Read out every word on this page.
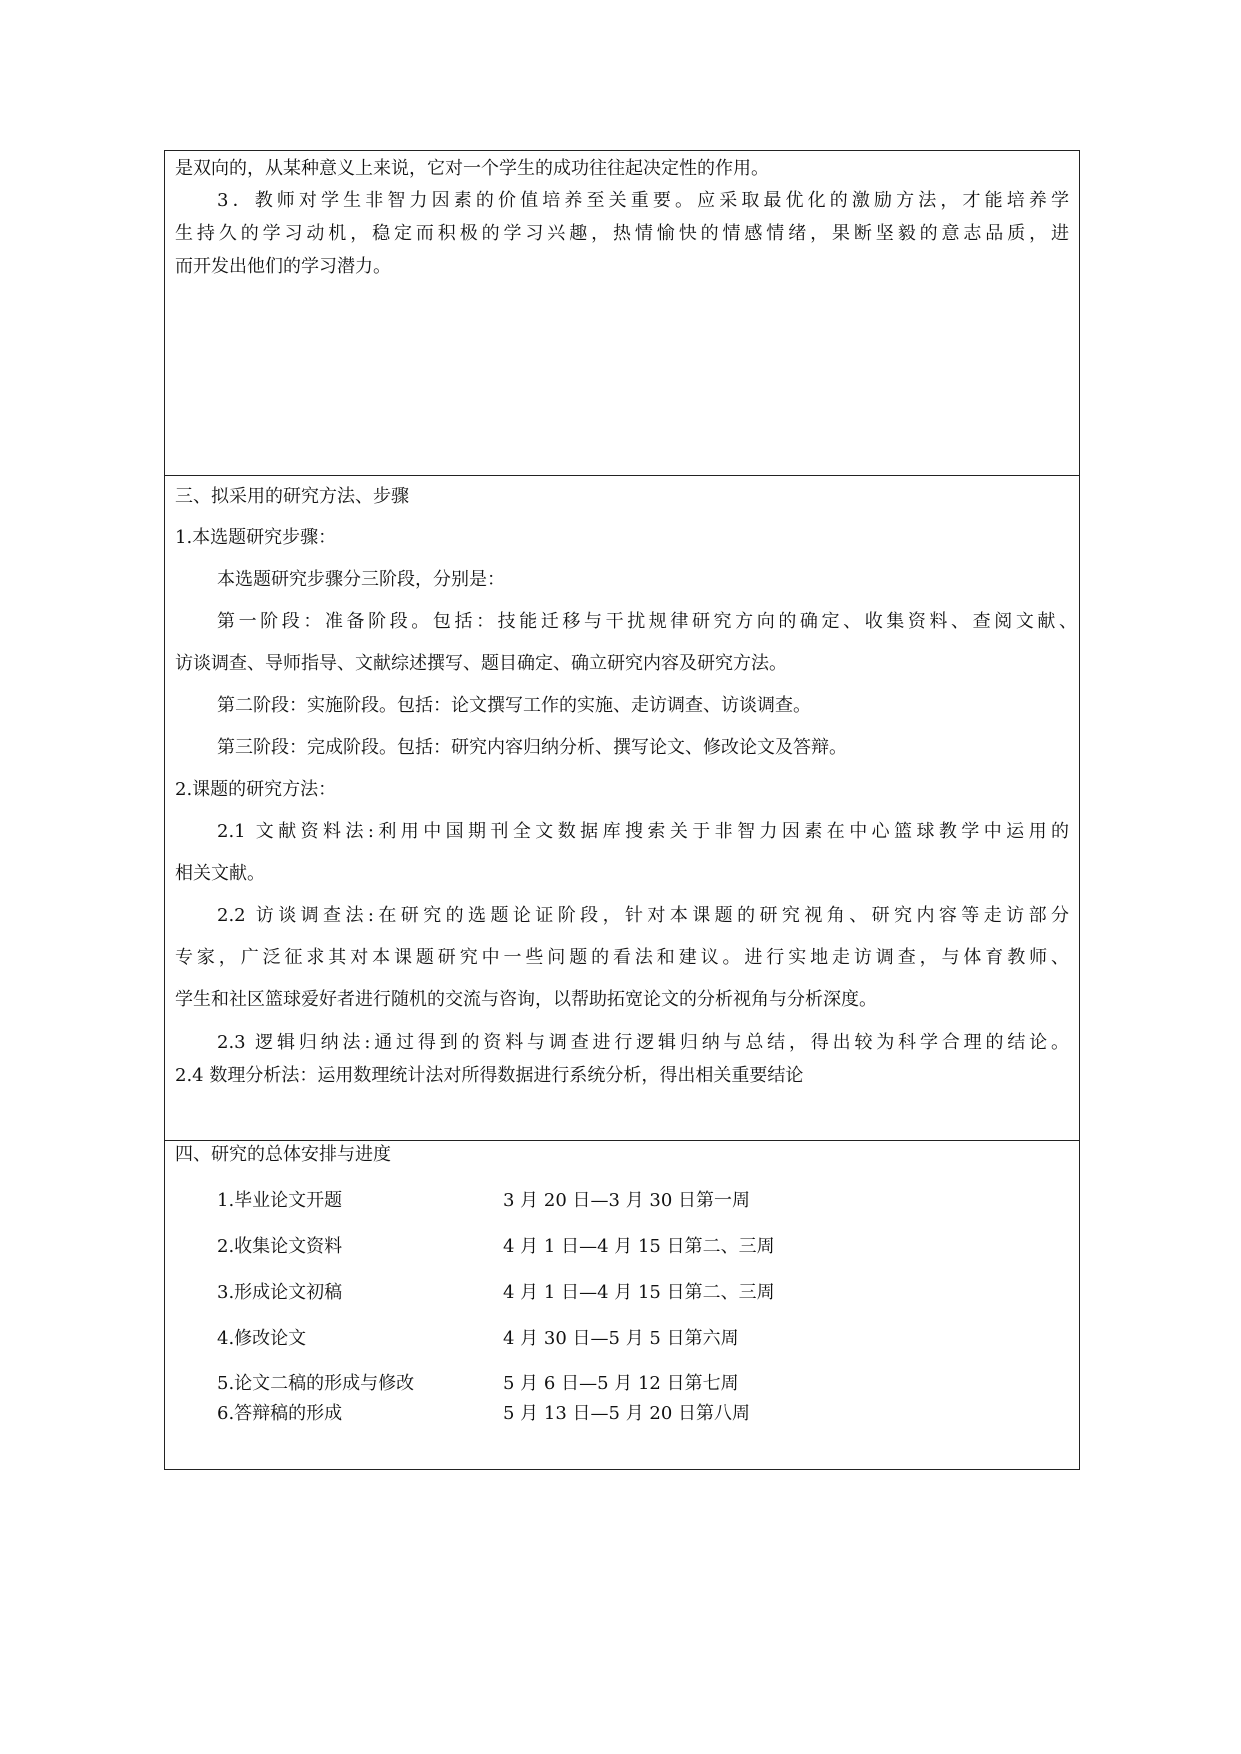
是双向的，从某种意义上来说，它对一个学生的成功往往起决定性的作用。
3．教师对学生非智力因素的价值培养至关重要。应采取最优化的激励方法，才能培养学
生持久的学习动机，稳定而积极的学习兴趣，热情愉快的情感情绪，果断坚毅的意志品质，进
而开发出他们的学习潜力。
三、拟采用的研究方法、步骤
1.本选题研究步骤：
本选题研究步骤分三阶段，分别是：
第一阶段：准备阶段。包括：技能迁移与干扰规律研究方向的确定、收集资料、查阅文献、
访谈调查、导师指导、文献综述撰写、题目确定、确立研究内容及研究方法。
第二阶段：实施阶段。包括：论文撰写工作的实施、走访调查、访谈调查。
第三阶段：完成阶段。包括：研究内容归纳分析、撰写论文、修改论文及答辩。
2.课题的研究方法：
2.1 文献资料法:利用中国期刊全文数据库搜索关于非智力因素在中心篮球教学中运用的
相关文献。
2.2 访谈调查法:在研究的选题论证阶段，针对本课题的研究视角、研究内容等走访部分
专家，广泛征求其对本课题研究中一些问题的看法和建议。进行实地走访调查，与体育教师、
学生和社区篮球爱好者进行随机的交流与咨询，以帮助拓宽论文的分析视角与分析深度。
2.3 逻辑归纳法:通过得到的资料与调查进行逻辑归纳与总结，得出较为科学合理的结论。
2.4 数理分析法：运用数理统计法对所得数据进行系统分析，得出相关重要结论
四、研究的总体安排与进度
1.毕业论文开题	3 月 20 日—3 月 30 日第一周
2.收集论文资料	4 月 1 日—4 月 15 日第二、三周
3.形成论文初稿	4 月 1 日—4 月 15 日第二、三周
4.修改论文	4 月 30 日—5 月 5 日第六周
5.论文二稿的形成与修改	5 月 6 日—5 月 12 日第七周
6.答辩稿的形成	5 月 13 日—5 月 20 日第八周
